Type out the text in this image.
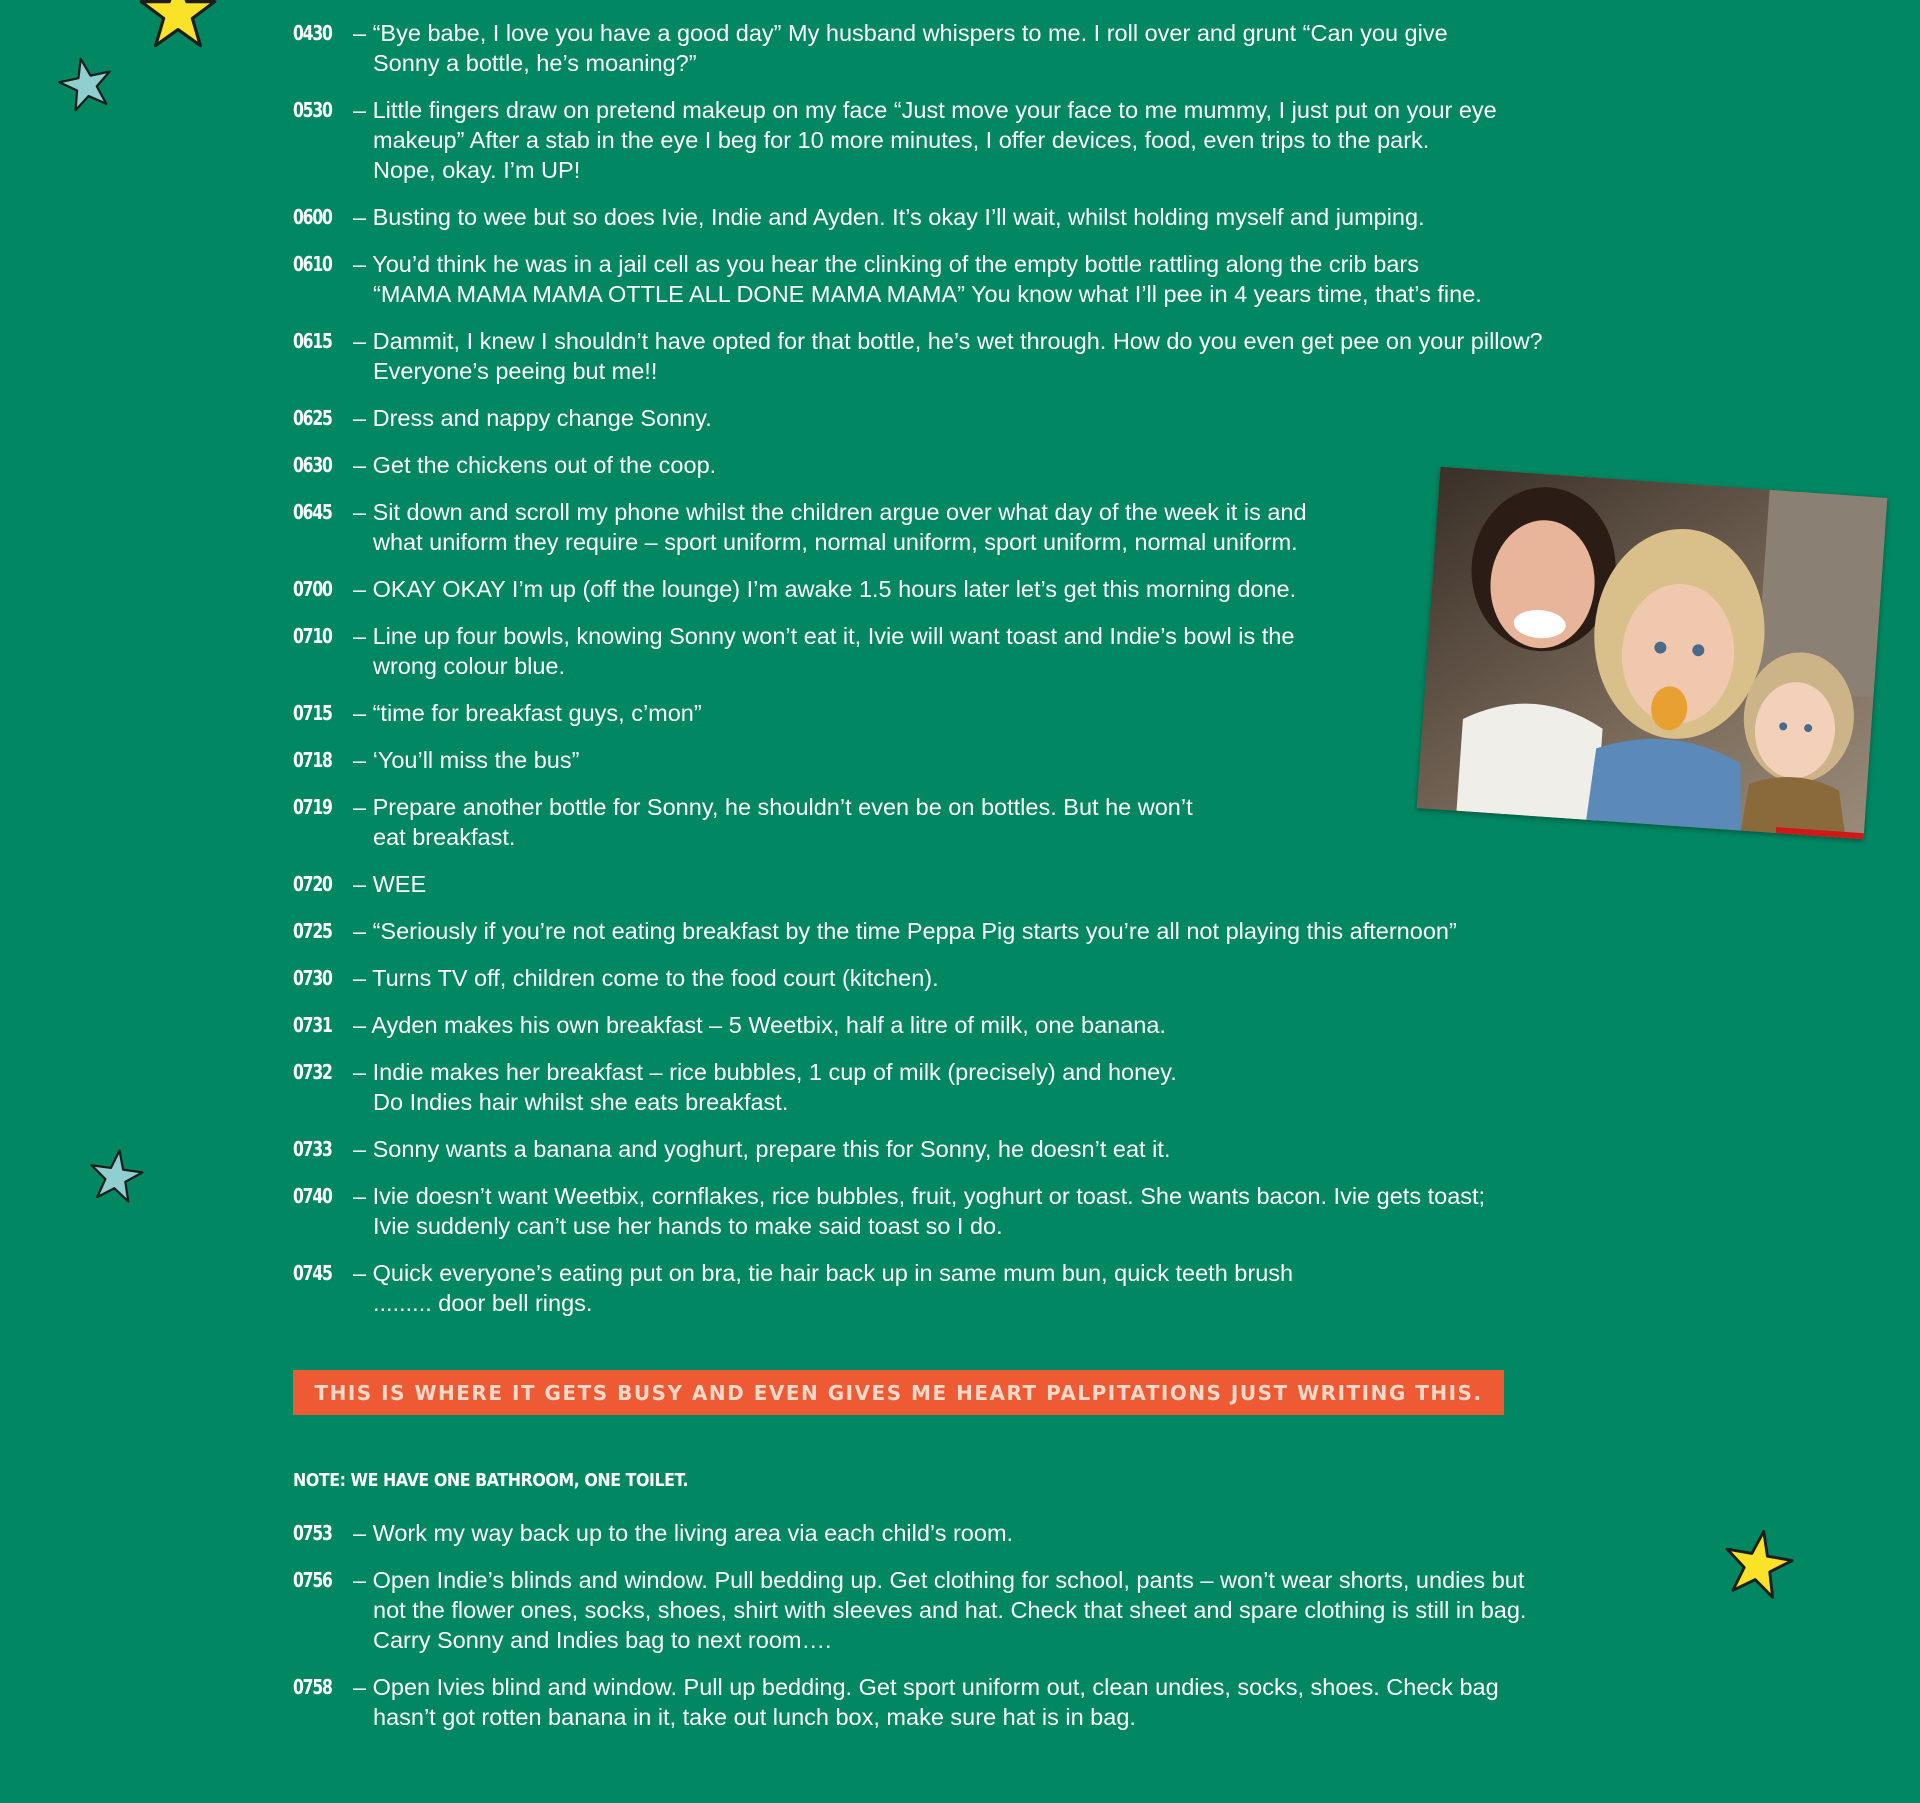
0430 – “Bye babe, I love you have a good day” My husband whispers to me. I roll over and grunt “Can you give
Sonny a bottle, he’s moaning?”
0530 – Little fingers draw on pretend makeup on my face “Just move your face to me mummy, I just put on your eye
makeup” After a stab in the eye I beg for 10 more minutes, I offer devices, food, even trips to the park.
Nope, okay. I’m UP!
0600 – Busting to wee but so does Ivie, Indie and Ayden. It’s okay I’ll wait, whilst holding myself and jumping.
0610 – You’d think he was in a jail cell as you hear the clinking of the empty bottle rattling along the crib bars
“MAMA MAMA MAMA OTTLE ALL DONE MAMA MAMA” You know what I’ll pee in 4 years time, that’s fine.
0615 – Dammit, I knew I shouldn’t have opted for that bottle, he’s wet through. How do you even get pee on your pillow?
Everyone’s peeing but me!!
0625 – Dress and nappy change Sonny.
0630 – Get the chickens out of the coop.
0645 – Sit down and scroll my phone whilst the children argue over what day of the week it is and
what uniform they require – sport uniform, normal uniform, sport uniform, normal uniform.
0700 – OKAY OKAY I’m up (off the lounge) I’m awake 1.5 hours later let’s get this morning done.
0710 – Line up four bowls, knowing Sonny won’t eat it, Ivie will want toast and Indie’s bowl is the
wrong colour blue.
0715 – “time for breakfast guys, c’mon”
0718 – ‘You’ll miss the bus”
0719 – Prepare another bottle for Sonny, he shouldn’t even be on bottles. But he won’t
eat breakfast.
0720 – WEE
0725 – “Seriously if you’re not eating breakfast by the time Peppa Pig starts you’re all not playing this afternoon”
0730 – Turns TV off, children come to the food court (kitchen).
0731 – Ayden makes his own breakfast – 5 Weetbix, half a litre of milk, one banana.
0732 – Indie makes her breakfast – rice bubbles, 1 cup of milk (precisely) and honey.
Do Indies hair whilst she eats breakfast.
0733 – Sonny wants a banana and yoghurt, prepare this for Sonny, he doesn’t eat it.
0740 – Ivie doesn’t want Weetbix, cornflakes, rice bubbles, fruit, yoghurt or toast. She wants bacon. Ivie gets toast;
Ivie suddenly can’t use her hands to make said toast so I do.
0745 – Quick everyone’s eating put on bra, tie hair back up in same mum bun, quick teeth brush
......... door bell rings.
THIS IS WHERE IT GETS BUSY AND EVEN GIVES ME HEART PALPITATIONS JUST WRITING THIS.
NOTE: WE HAVE ONE BATHROOM, ONE TOILET.
0753 – Work my way back up to the living area via each child’s room.
0756 – Open Indie’s blinds and window. Pull bedding up. Get clothing for school, pants – won’t wear shorts, undies but
not the flower ones, socks, shoes, shirt with sleeves and hat. Check that sheet and spare clothing is still in bag.
Carry Sonny and Indies bag to next room….
0758 – Open Ivies blind and window. Pull up bedding. Get sport uniform out, clean undies, socks, shoes. Check bag
hasn’t got rotten banana in it, take out lunch box, make sure hat is in bag.
